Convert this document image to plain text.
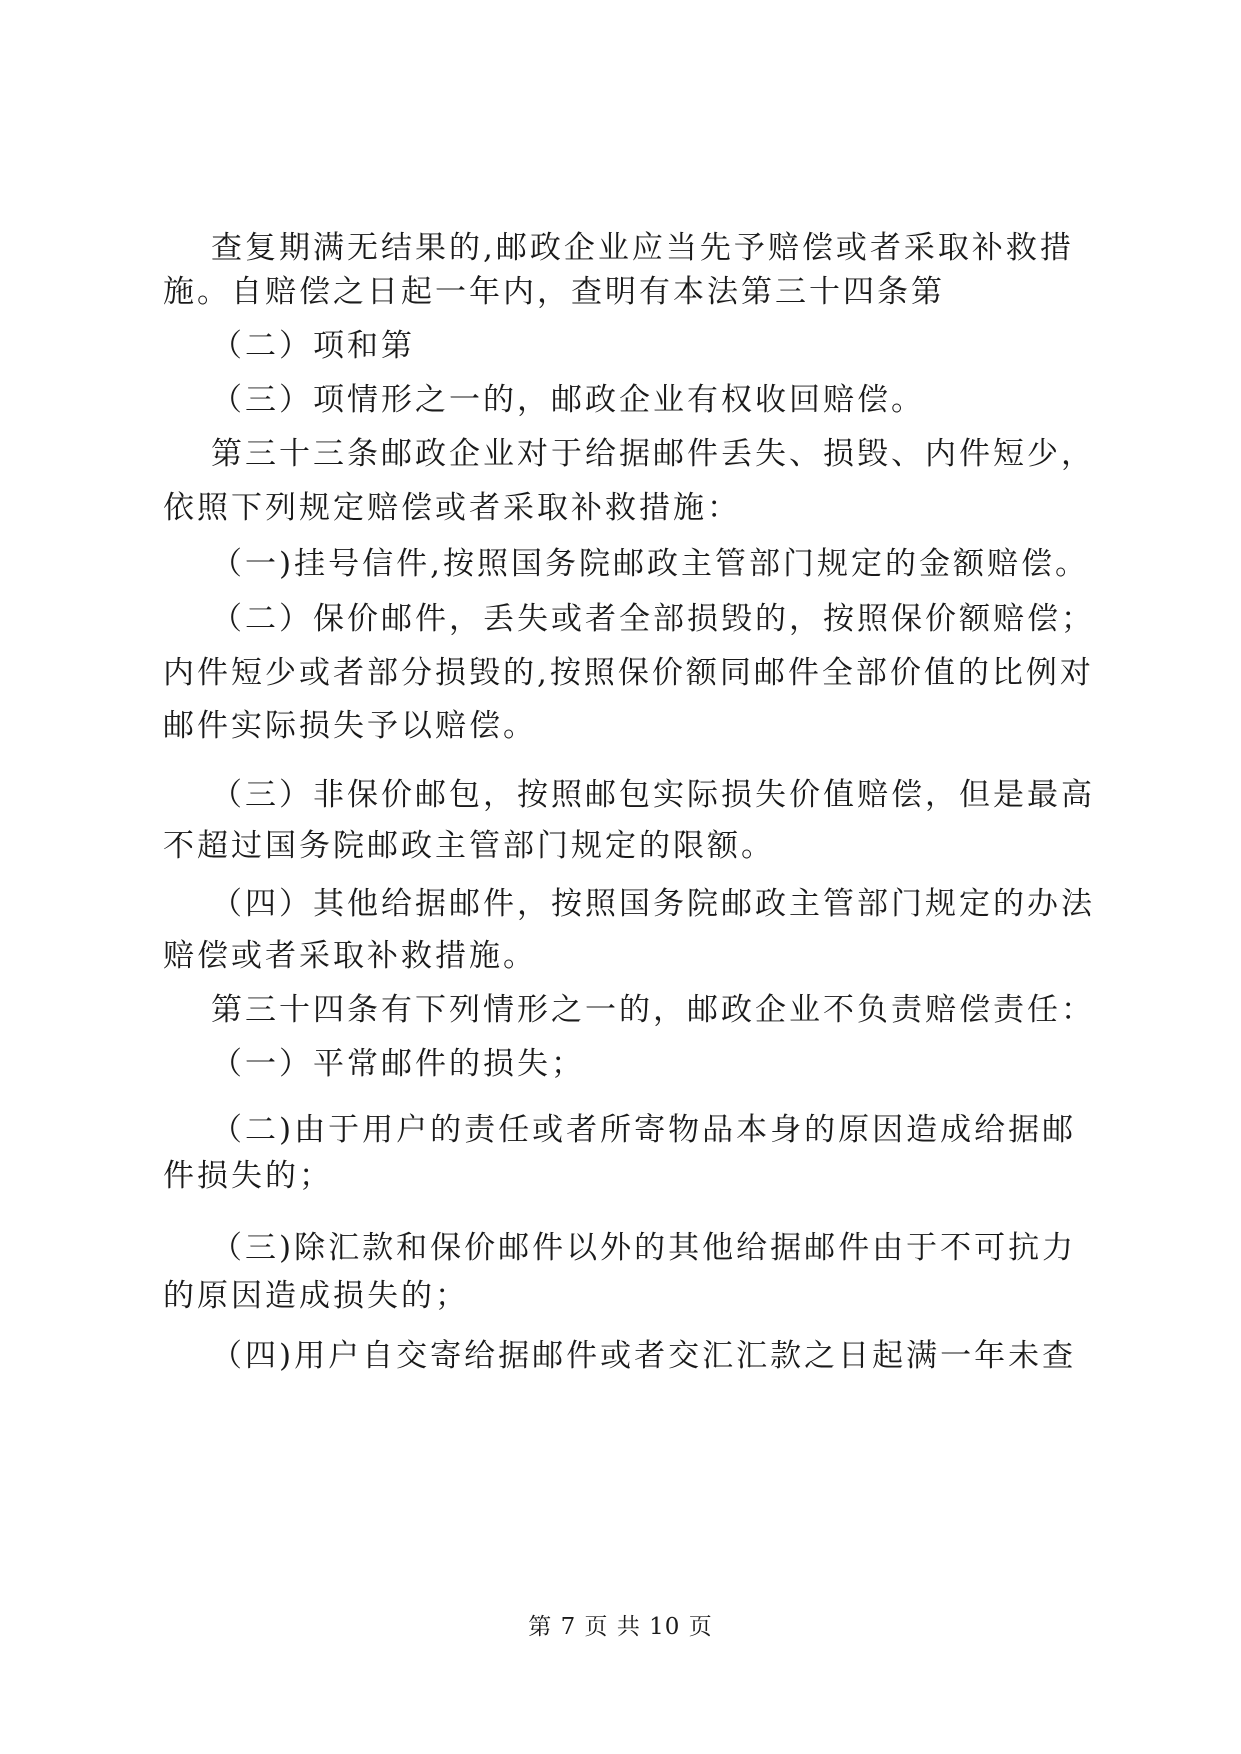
查复期满无结果的,邮政企业应当先予赔偿或者采取补救措
施。自赔偿之日起一年内，查明有本法第三十四条第
（二）项和第
（三）项情形之一的，邮政企业有权收回赔偿。
第三十三条邮政企业对于给据邮件丢失、损毁、内件短少，
依照下列规定赔偿或者采取补救措施：
（一)挂号信件,按照国务院邮政主管部门规定的金额赔偿。
（二）保价邮件，丢失或者全部损毁的，按照保价额赔偿；
内件短少或者部分损毁的,按照保价额同邮件全部价值的比例对
邮件实际损失予以赔偿。
（三）非保价邮包，按照邮包实际损失价值赔偿，但是最高
不超过国务院邮政主管部门规定的限额。
（四）其他给据邮件，按照国务院邮政主管部门规定的办法
赔偿或者采取补救措施。
第三十四条有下列情形之一的，邮政企业不负责赔偿责任：
（一）平常邮件的损失；
（二)由于用户的责任或者所寄物品本身的原因造成给据邮
件损失的；
（三)除汇款和保价邮件以外的其他给据邮件由于不可抗力
的原因造成损失的；
（四)用户自交寄给据邮件或者交汇汇款之日起满一年未查
第 7 页 共 10 页
